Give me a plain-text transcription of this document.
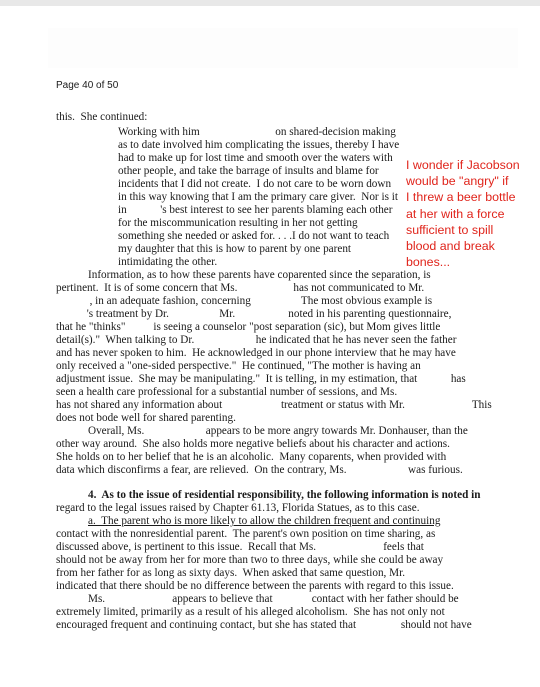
Page 40 of 50
this.  She continued:
Working with him                           on shared-decision making
as to date involved him complicating the issues, thereby I have
had to make up for lost time and smooth over the waters with
other people, and take the barrage of insults and blame for
incidents that I did not create.  I do not care to be worn down
in this way knowing that I am the primary care giver.  Nor is it
in            's best interest to see her parents blaming each other
for the miscommunication resulting in her not getting
something she needed or asked for. . . .I do not want to teach
my daughter that this is how to parent by one parent
intimidating the other.
Information, as to how these parents have coparented since the separation, is
pertinent.  It is of some concern that Ms.                    has not communicated to Mr.
, in an adequate fashion, concerning                  The most obvious example is
's treatment by Dr.                  Mr.                   noted in his parenting questionnaire,
that he "thinks"          is seeing a counselor "post separation (sic), but Mom gives little
detail(s)."  When talking to Dr.                      he indicated that he has never seen the father
and has never spoken to him.  He acknowledged in our phone interview that he may have
only received a "one-sided perspective."  He continued, "The mother is having an
adjustment issue.  She may be manipulating."  It is telling, in my estimation, that            has
seen a health care professional for a substantial number of sessions, and Ms.
has not shared any information about                     treatment or status with Mr.                        This
does not bode well for shared parenting.
Overall, Ms.                      appears to be more angry towards Mr. Donhauser, than the
other way around.  She also holds more negative beliefs about his character and actions.
She holds on to her belief that he is an alcoholic.  Many coparents, when provided with
data which disconfirms a fear, are relieved.  On the contrary, Ms.                      was furious.
4.  As to the issue of residential responsibility, the following information is noted in
regard to the legal issues raised by Chapter 61.13, Florida Statues, as to this case.
a.  The parent who is more likely to allow the children frequent and continuing
contact with the nonresidential parent.  The parent's own position on time sharing, as
discussed above, is pertinent to this issue.  Recall that Ms.                        feels that
should not be away from her for more than two to three days, while she could be away
from her father for as long as sixty days.  When asked that same question, Mr.
indicated that there should be no difference between the parents with regard to this issue.
Ms.                        appears to believe that              contact with her father should be
extremely limited, primarily as a result of his alleged alcoholism.  She has not only not
encouraged frequent and continuing contact, but she has stated that                should not have
I wonder if Jacobson
would be "angry" if
I threw a beer bottle
at her with a force
sufficient to spill
blood and break
bones...
